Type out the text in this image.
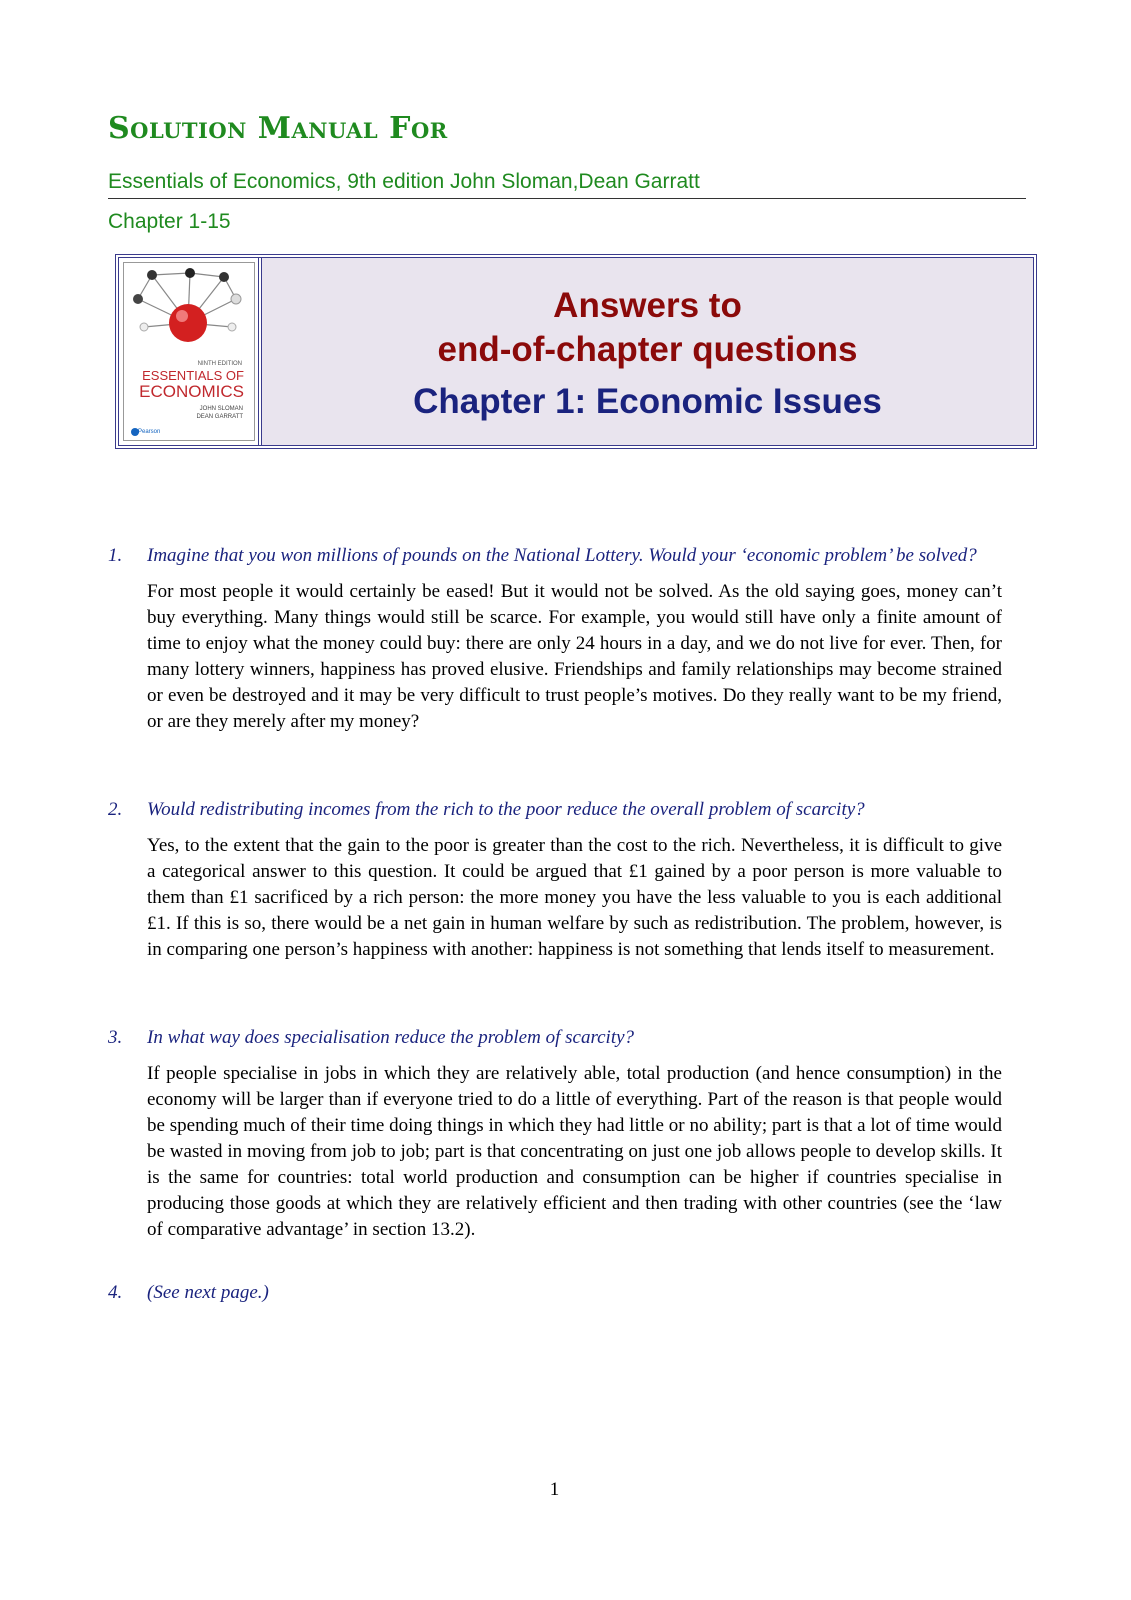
Solution Manual For
Essentials of Economics, 9th edition John Sloman,Dean Garratt
Chapter 1-15
NINTH EDITION
ESSENTIALS OF
ECONOMICS
JOHN SLOMAN
DEAN GARRATT
Pearson
Answers to
end-of-chapter questions
Chapter 1: Economic Issues
1. Imagine that you won millions of pounds on the National Lottery. Would your ‘economic problem’ be solved?
For most people it would certainly be eased! But it would not be solved. As the old saying goes, money can’t buy everything. Many things would still be scarce. For example, you would still have only a finite amount of time to enjoy what the money could buy: there are only 24 hours in a day, and we do not live for ever. Then, for many lottery winners, happiness has proved elusive. Friendships and family relationships may become strained or even be destroyed and it may be very difficult to trust people’s motives. Do they really want to be my friend, or are they merely after my money?
2. Would redistributing incomes from the rich to the poor reduce the overall problem of scarcity?
Yes, to the extent that the gain to the poor is greater than the cost to the rich. Nevertheless, it is difficult to give a categorical answer to this question. It could be argued that £1 gained by a poor person is more valuable to them than £1 sacrificed by a rich person: the more money you have the less valuable to you is each additional £1. If this is so, there would be a net gain in human welfare by such as redistribution. The problem, however, is in comparing one person’s happiness with another: happiness is not something that lends itself to measurement.
3. In what way does specialisation reduce the problem of scarcity?
If people specialise in jobs in which they are relatively able, total production (and hence consumption) in the economy will be larger than if everyone tried to do a little of everything. Part of the reason is that people would be spending much of their time doing things in which they had little or no ability; part is that a lot of time would be wasted in moving from job to job; part is that concentrating on just one job allows people to develop skills. It is the same for countries: total world production and consumption can be higher if countries specialise in producing those goods at which they are relatively efficient and then trading with other countries (see the ‘law of comparative advantage’ in section 13.2).
4. (See next page.)
1
